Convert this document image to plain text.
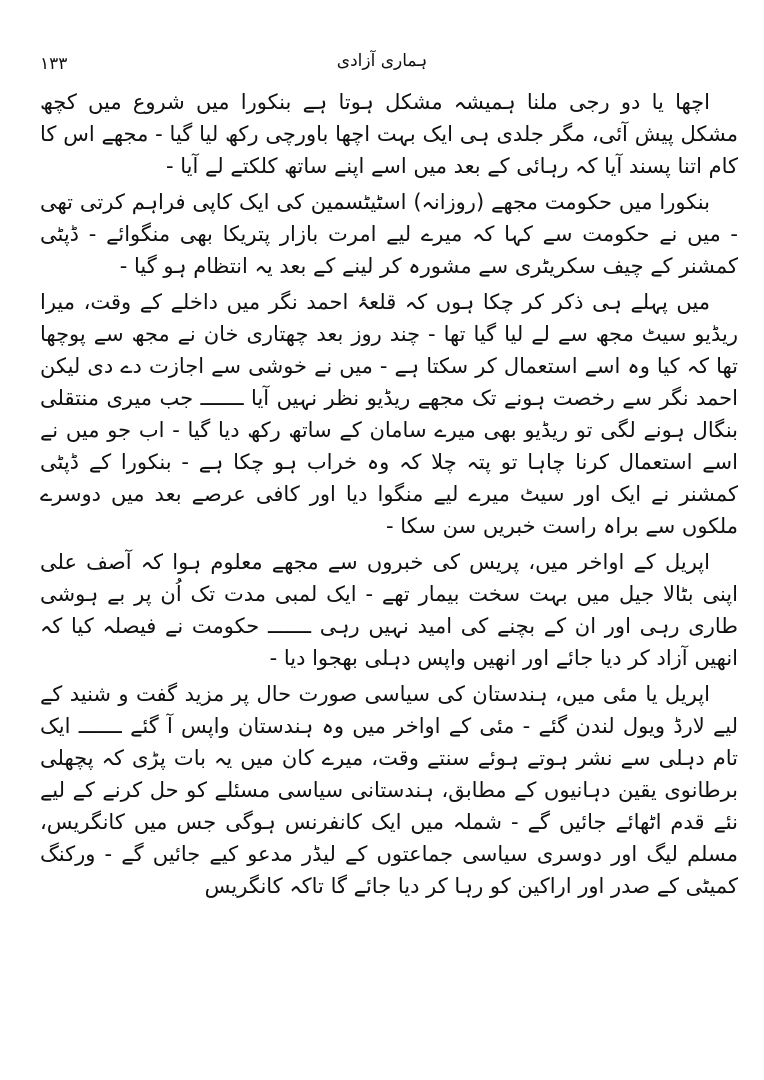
۱۳۳	ہماری آزادی

اچھا یا دو رجی ملنا ہمیشہ مشکل ہوتا ہے بنکورا میں شروع میں کچھ مشکل پیش آئی، مگر جلدی ہی ایک بہت اچھا باورچی رکھ لیا گیا - مجھے اس کا کام اتنا پسند آیا کہ رہائی کے بعد میں اسے اپنے ساتھ کلکتے لے آیا -

بنکورا میں حکومت مجھے (روزانہ) اسٹیٹسمین کی ایک کاپی فراہم کرتی تھی - میں نے حکومت سے کہا کہ میرے لیے امرت بازار پتریکا بھی منگوائے - ڈپٹی کمشنر کے چیف سکریٹری سے مشورہ کر لینے کے بعد یہ انتظام ہو گیا -

میں پہلے ہی ذکر کر چکا ہوں کہ قلعۂ احمد نگر میں داخلے کے وقت، میرا ریڈیو سیٹ مجھ سے لے لیا گیا تھا - چند روز بعد چھتاری خان نے مجھ سے پوچھا تھا کہ کیا وہ اسے استعمال کر سکتا ہے - میں نے خوشی سے اجازت دے دی لیکن احمد نگر سے رخصت ہونے تک مجھے ریڈیو نظر نہیں آیا ـــــــ جب میری منتقلی بنگال ہونے لگی تو ریڈیو بھی میرے سامان کے ساتھ رکھ دیا گیا - اب جو میں نے اسے استعمال کرنا چاہا تو پتہ چلا کہ وہ خراب ہو چکا ہے - بنکورا کے ڈپٹی کمشنر نے ایک اور سیٹ میرے لیے منگوا دیا اور کافی عرصے بعد میں دوسرے ملکوں سے براہ راست خبریں سن سکا -

اپریل کے اواخر میں، پریس کی خبروں سے مجھے معلوم ہوا کہ آصف علی اپنی بٹالا جیل میں بہت سخت بیمار تھے - ایک لمبی مدت تک اُن پر بے ہوشی طاری رہی اور ان کے بچنے کی امید نہیں رہی ـــــــ حکومت نے فیصلہ کیا کہ انھیں آزاد کر دیا جائے اور انھیں واپس دہلی بھجوا دیا -

اپریل یا مئی میں، ہندستان کی سیاسی صورت حال پر مزید گفت و شنید کے لیے لارڈ ویول لندن گئے - مئی کے اواخر میں وہ ہندستان واپس آ گئے ـــــــ ایک تام دہلی سے نشر ہوتے ہوئے سنتے وقت، میرے کان میں یہ بات پڑی کہ پچھلی برطانوی یقین دہانیوں کے مطابق، ہندستانی سیاسی مسئلے کو حل کرنے کے لیے نئے قدم اٹھائے جائیں گے - شملہ میں ایک کانفرنس ہوگی جس میں کانگریس، مسلم لیگ اور دوسری سیاسی جماعتوں کے لیڈر مدعو کیے جائیں گے - ورکنگ کمیٹی کے صدر اور اراکین کو رہا کر دیا جائے گا تاکہ کانگریس
